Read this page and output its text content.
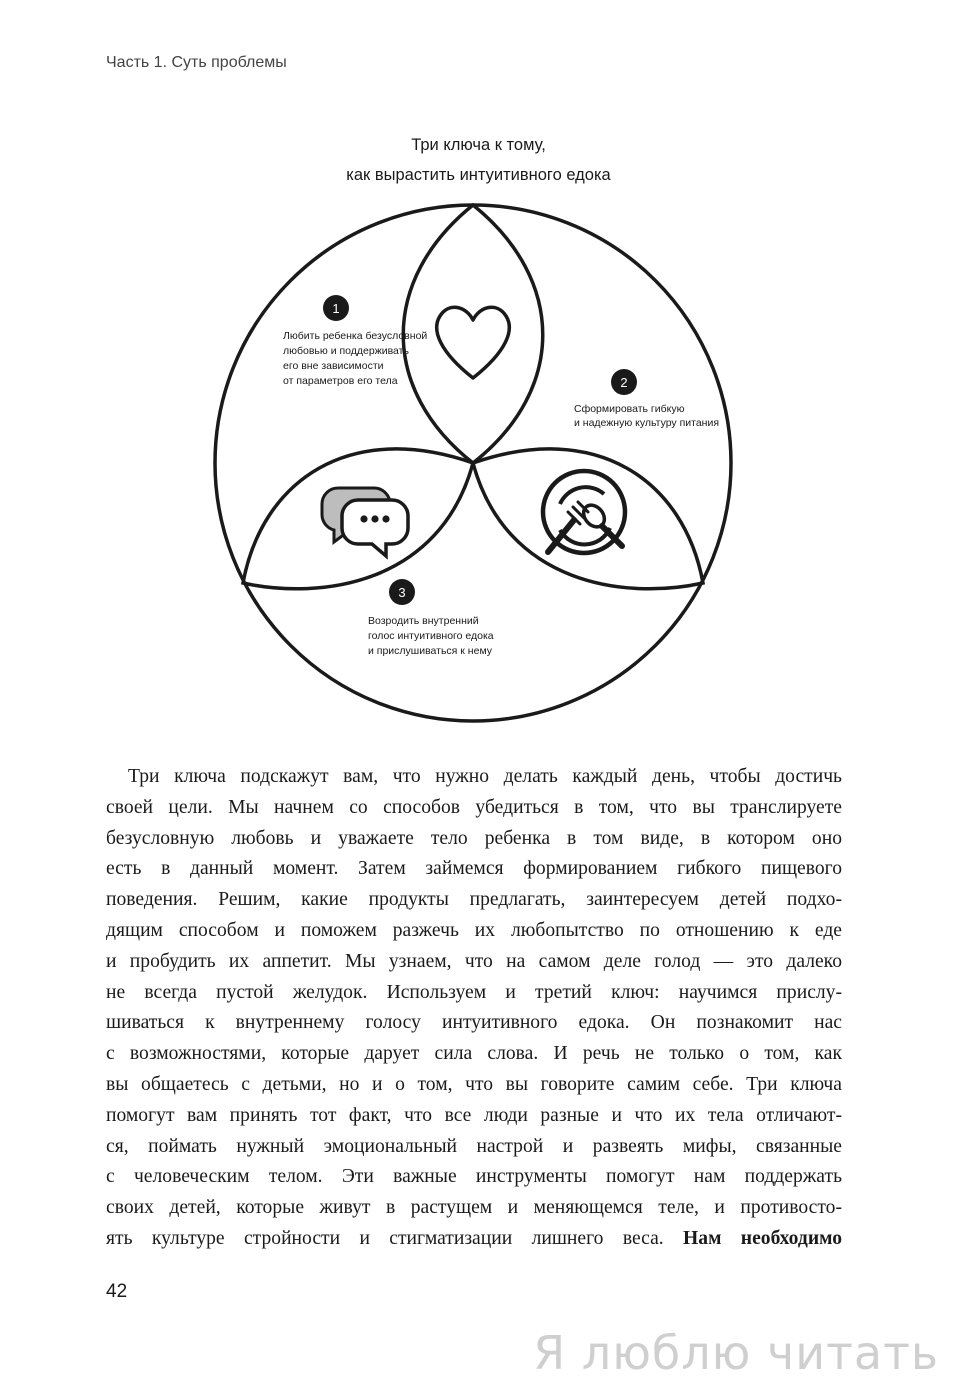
Часть 1. Суть проблемы
Три ключа к тому,
как вырастить интуитивного едока
1
Любить ребенка безусловной любовью и поддерживать его вне зависимости от параметров его тела	2
Сформировать гибкую и надежную культуру питания
3
Возродить внутренний голос интуитивного едока и прислушиваться к нему
Три ключа подскажут вам, что нужно делать каждый день, чтобы достичь
своей цели. Мы начнем со способов убедиться в том, что вы транслируете
безусловную любовь и уважаете тело ребенка в том виде, в котором оно
есть в данный момент. Затем займемся формированием гибкого пищевого
поведения. Решим, какие продукты предлагать, заинтересуем детей подхо-
дящим способом и поможем разжечь их любопытство по отношению к еде
и пробудить их аппетит. Мы узнаем, что на самом деле голод — это далеко
не всегда пустой желудок. Используем и третий ключ: научимся прислу-
шиваться к внутреннему голосу интуитивного едока. Он познакомит нас
с возможностями, которые дарует сила слова. И речь не только о том, как
вы общаетесь с детьми, но и о том, что вы говорите самим себе. Три ключа
помогут вам принять тот факт, что все люди разные и что их тела отличают-
ся, поймать нужный эмоциональный настрой и развеять мифы, связанные
с человеческим телом. Эти важные инструменты помогут нам поддержать
своих детей, которые живут в растущем и меняющемся теле, и противосто-
ять культуре стройности и стигматизации лишнего веса. Нам необходимо
42
Я люблю читать
